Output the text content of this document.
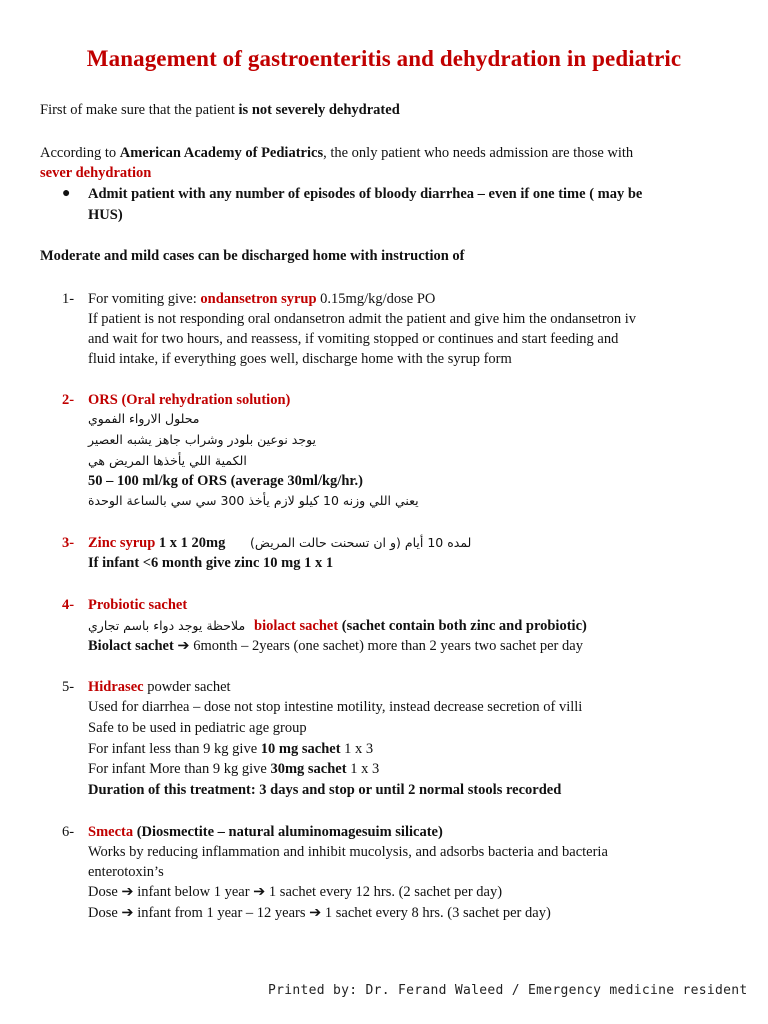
Management of gastroenteritis and dehydration in pediatric
First of make sure that the patient is not severely dehydrated
According to American Academy of Pediatrics, the only patient who needs admission are those with
sever dehydration
● Admit patient with any number of episodes of bloody diarrhea – even if one time ( may be
HUS)
Moderate and mild cases can be discharged home with instruction of
1- For vomiting give: ondansetron syrup 0.15mg/kg/dose PO
If patient is not responding oral ondansetron admit the patient and give him the ondansetron iv
and wait for two hours, and reassess, if vomiting stopped or continues and start feeding and
fluid intake, if everything goes well, discharge home with the syrup form
2- ORS (Oral rehydration solution)
محلول الارواء الفموي
يوجد نوعين بلودر وشراب جاهز يشبه العصير
الكمية اللي يأخذها المريض هي
50 – 100 ml/kg of ORS (average 30ml/kg/hr.)
يعني اللي وزنه 10 كيلو لازم يأخذ 300 سي سي بالساعة الوحدة
3- Zinc syrup 1 x 1 20mg لمده 10 أيام (و ان تسحنت حالت المريض)
If infant <6 month give zinc 10 mg 1 x 1
4- Probiotic sachet
ملاحظة يوجد دواء باسم تجاري biolact sachet (sachet contain both zinc and probiotic)
Biolact sachet ➔ 6month – 2years (one sachet) more than 2 years two sachet per day
5- Hidrasec powder sachet
Used for diarrhea – dose not stop intestine motility, instead decrease secretion of villi
Safe to be used in pediatric age group
For infant less than 9 kg give 10 mg sachet 1 x 3
For infant More than 9 kg give 30mg sachet 1 x 3
Duration of this treatment: 3 days and stop or until 2 normal stools recorded
6- Smecta (Diosmectite – natural aluminomagesuim silicate)
Works by reducing inflammation and inhibit mucolysis, and adsorbs bacteria and bacteria
enterotoxin’s
Dose ➔ infant below 1 year ➔ 1 sachet every 12 hrs. (2 sachet per day)
Dose ➔ infant from 1 year – 12 years ➔ 1 sachet every 8 hrs. (3 sachet per day)
Printed by: Dr. Ferand Waleed / Emergency medicine resident
